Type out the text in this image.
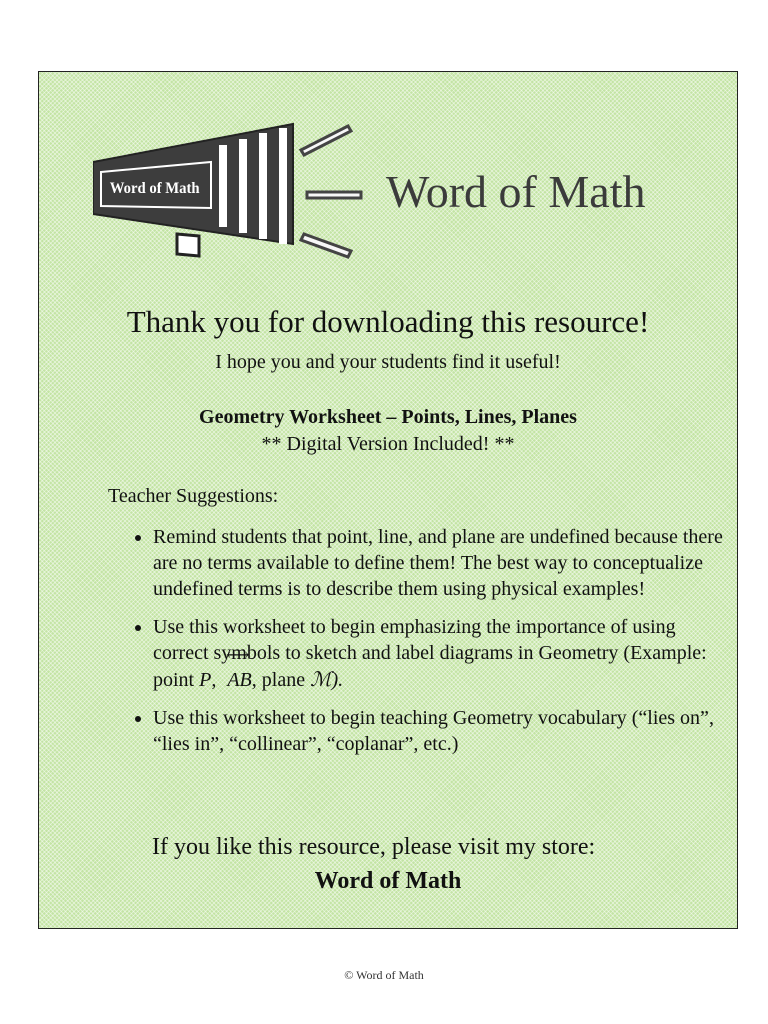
Word of Math	Word of Math
Thank you for downloading this resource!
I hope you and your students find it useful!
Geometry Worksheet – Points, Lines, Planes
** Digital Version Included! **
Teacher Suggestions:
• Remind students that point, line, and plane are undefined because there are no terms available to define them! The best way to conceptualize undefined terms is to describe them using physical examples!
• Use this worksheet to begin emphasizing the importance of using correct symbols to sketch and label diagrams in Geometry (Example: point P, ⟷ AB, plane ℳ).
• Use this worksheet to begin teaching Geometry vocabulary (“lies on”, “lies in”, “collinear”, “coplanar”, etc.)
If you like this resource, please visit my store:
Word of Math
© Word of Math
